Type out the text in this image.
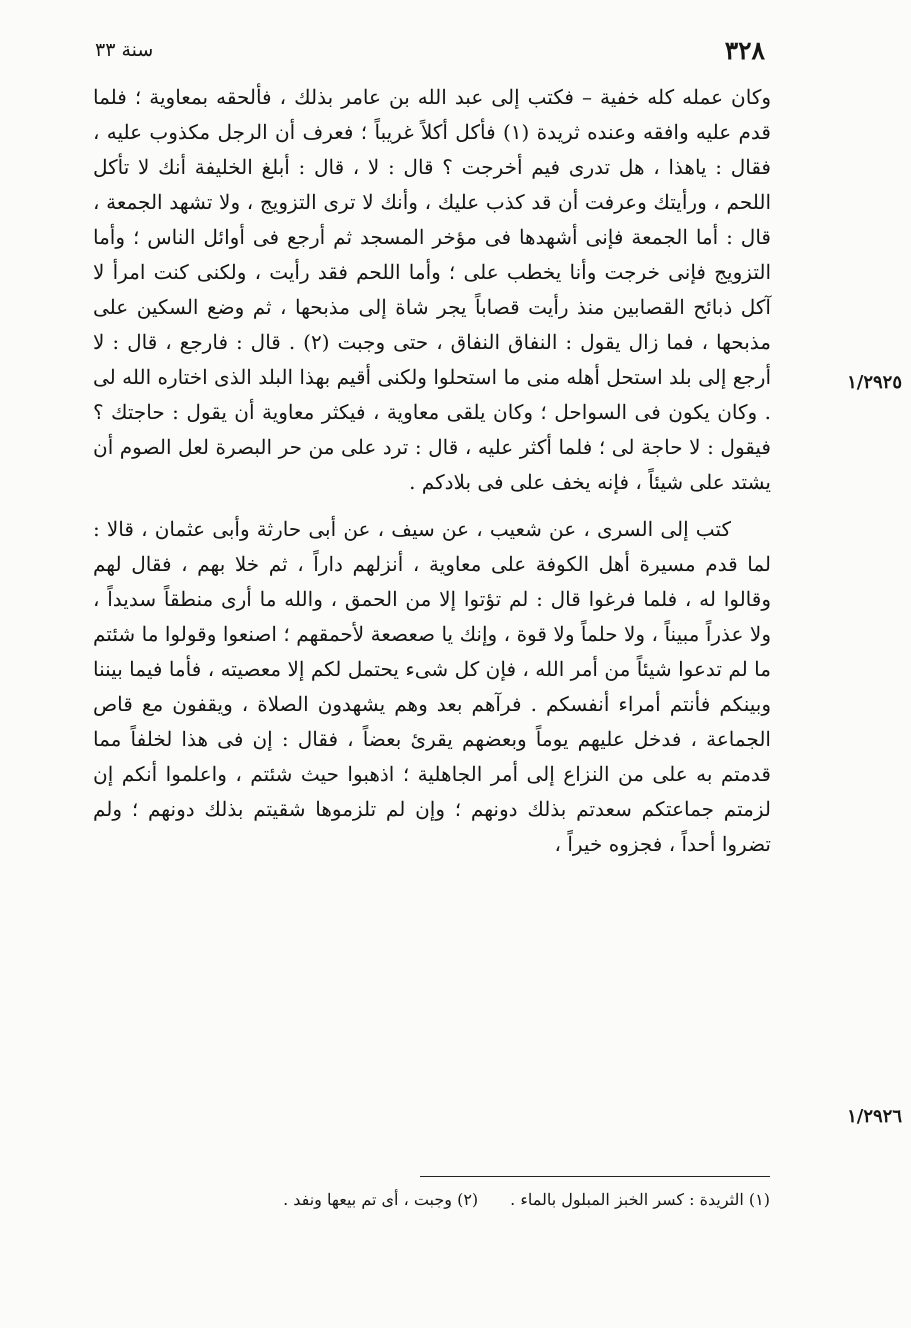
٣٢٨
سنة ٣٣
١/٢٩٢٥
١/٢٩٢٦

وكان عمله كله خفية – فكتب إلى عبد الله بن عامر بذلك ، فألحقه بمعاوية ؛ فلما قدم عليه وافقه وعنده ثريدة (١) فأكل أكلاً غريباً ؛ فعرف أن الرجل مكذوب عليه ، فقال : ياهذا ، هل تدرى فيم أخرجت ؟ قال : لا ، قال : أبلغ الخليفة أنك لا تأكل اللحم ، ورأيتك وعرفت أن قد كذب عليك ، وأنك لا ترى التزويج ، ولا تشهد الجمعة ، قال : أما الجمعة فإنى أشهدها فى مؤخر المسجد ثم أرجع فى أوائل الناس ؛ وأما التزويج فإنى خرجت وأنا يخطب على ؛ وأما اللحم فقد رأيت ، ولكنى كنت امرأ لا آكل ذبائح القصابين منذ رأيت قصاباً يجر شاة إلى مذبحها ، ثم وضع السكين على مذبحها ، فما زال يقول : النفاق النفاق ، حتى وجبت (٢) . قال : فارجع ، قال : لا أرجع إلى بلد استحل أهله منى ما استحلوا ولكنى أقيم بهذا البلد الذى اختاره الله لى . وكان يكون فى السواحل ؛ وكان يلقى معاوية ، فيكثر معاوية أن يقول : حاجتك ؟ فيقول : لا حاجة لى ؛ فلما أكثر عليه ، قال : ترد على من حر البصرة لعل الصوم أن يشتد على شيئاً ، فإنه يخف على فى بلادكم .

كتب إلى السرى ، عن شعيب ، عن سيف ، عن أبى حارثة وأبى عثمان ، قالا : لما قدم مسيرة أهل الكوفة على معاوية ، أنزلهم داراً ، ثم خلا بهم ، فقال لهم وقالوا له ، فلما فرغوا قال : لم تؤتوا إلا من الحمق ، والله ما أرى منطقاً سديداً ، ولا عذراً مبيناً ، ولا حلماً ولا قوة ، وإنك يا صعصعة لأحمقهم ؛ اصنعوا وقولوا ما شئتم ما لم تدعوا شيئاً من أمر الله ، فإن كل شىء يحتمل لكم إلا معصيته ، فأما فيما بيننا وبينكم فأنتم أمراء أنفسكم . فرآهم بعد وهم يشهدون الصلاة ، ويقفون مع قاص الجماعة ، فدخل عليهم يوماً وبعضهم يقرئ بعضاً ، فقال : إن فى هذا لخلفاً مما قدمتم به على من النزاع إلى أمر الجاهلية ؛ اذهبوا حيث شئتم ، واعلموا أنكم إن لزمتم جماعتكم سعدتم بذلك دونهم ؛ وإن لم تلزموها شقيتم بذلك دونهم ؛ ولم تضروا أحداً ، فجزوه خيراً ،

(١) الثريدة : كسر الخبز المبلول بالماء .
(٢) وجبت ، أى تم بيعها ونفد .
